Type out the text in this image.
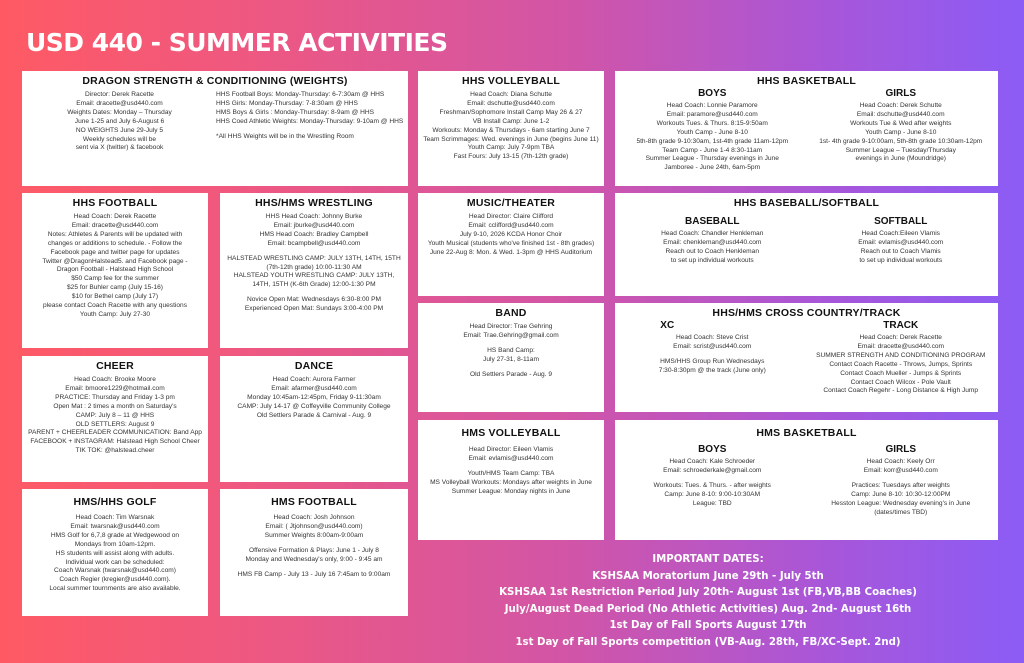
USD 440 - SUMMER ACTIVITIES
DRAGON STRENGTH & CONDITIONING (WEIGHTS)
Director: Derek Racette
Email: dracette@usd440.com
Weights Dates: Monday – Thursday
June 1-25 and July 6-August 6
NO WEIGHTS June 29-July 5
Weekly schedules will be
sent via X (twitter) & facebook
HHS Football Boys: Monday-Thursday: 6-7:30am @ HHS
HHS Girls: Monday-Thursday: 7-8:30am @ HHS
HMS Boys & Girls : Monday-Thursday: 8-9am @ HHS
HHS Coed Athletic Weights: Monday-Thursday: 9-10am @ HHS
*All HHS Weights will be in the Wrestling Room
HHS VOLLEYBALL
Head Coach: Diana Schutte
Email: dschutte@usd440.com
Freshman/Sophomore Install Camp May 26 & 27
VB Install Camp: June 1-2
Workouts: Monday & Thursdays - 6am starting June 7
Team Scrimmages: Wed. evenings in June (begins June 11)
Youth Camp: July 7-9pm TBA
Fast Fours: July 13-15 (7th-12th grade)
HHS BASKETBALL
BOYS
Head Coach: Lonnie Paramore
Email: paramore@usd440.com
Workouts Tues. & Thurs. 8:15-9:50am
Youth Camp - June 8-10
5th-8th grade 9-10:30am, 1st-4th grade 11am-12pm
Team Camp - June 1-4 8:30-11am
Summer League - Thursday evenings in June
Jamboree - June 24th, 6am-5pm
GIRLS
Head Coach: Derek Schutte
Email: dschutte@usd440.com
Workouts Tue & Wed after weights
Youth Camp - June 8-10
1st- 4th grade 9-10:00am, 5th-8th grade 10:30am-12pm
Summer League – Tuesday/Thursday
evenings in June (Moundridge)
HHS FOOTBALL
Head Coach: Derek Racette
Email: dracette@usd440.com
Notes: Athletes & Parents will be updated with
changes or additions to schedule. - Follow the
Facebook page and twitter page for updates
Twitter @DragonHalstead5. and Facebook page -
Dragon Football - Halstead High School
$50 Camp fee for the summer
$25 for Buhler camp (July 15-16)
$10 for Bethel camp (July 17)
please contact Coach Racette with any questions
Youth Camp: July 27-30
HHS/HMS WRESTLING
HHS Head Coach: Johnny Burke
Email: jburke@usd440.com
HMS Head Coach: Bradley Campbell
Email: bcampbell@usd440.com
HALSTEAD WRESTLING CAMP: JULY 13TH, 14TH, 15TH
(7th-12th grade) 10:00-11:30 AM
HALSTEAD YOUTH WRESTLING CAMP: JULY 13TH,
14TH, 15TH (K-6th Grade) 12:00-1:30 PM
Novice Open Mat: Wednesdays 6:30-8:00 PM
Experienced Open Mat: Sundays 3:00-4:00 PM
MUSIC/THEATER
Head Director: Claire Clifford
Email: cclifford@usd440.com
July 9-10, 2026 KCDA Honor Choir
Youth Musical (students who've finished 1st - 8th grades)
June 22-Aug 8: Mon. & Wed. 1-3pm @ HHS Auditorium
HHS BASEBALL/SOFTBALL
BASEBALL
Head Coach: Chandler Henkleman
Email: chenkleman@usd440.com
Reach out to Coach Henkleman
to set up individual workouts
SOFTBALL
Head Coach:Eileen Vlamis
Email: evlamis@usd440.com
Reach out to Coach Vlamis
to set up individual workouts
BAND
Head Director: Trae Gehring
Email: Trae.Gehring@gmail.com
HS Band Camp:
July 27-31, 8-11am
Old Settlers Parade - Aug. 9
HHS/HMS CROSS COUNTRY/TRACK
XC
Head Coach: Steve Crist
Email: scrist@usd440.com
HMS/HHS Group Run Wednesdays
7:30-8:30pm @ the track (June only)
TRACK
Head Coach: Derek Racette
Email: dracette@usd440.com
SUMMER STRENGTH AND CONDITIONING PROGRAM
Contact Coach Racette - Throws, Jumps, Sprints
Contact Coach Mueller - Jumps & Sprints
Contact Coach Wilcox - Pole Vault
Contact Coach Regehr - Long Distance & High Jump
CHEER
Head Coach: Brooke Moore
Email: bmoore1229@hotmail.com
PRACTICE: Thursday and Friday 1-3 pm
Open Mat : 2 times a month on Saturday's
CAMP: July 8 – 11 @ HHS
OLD SETTLERS: August 9
PARENT + CHEERLEADER COMMUNICATION: Band App
FACEBOOK + INSTAGRAM: Halstead High School Cheer
TIK TOK: @halstead.cheer
DANCE
Head Coach: Aurora Farmer
Email: afarmer@usd440.com
Monday 10:45am-12:45pm, Friday 9-11:30am
CAMP: July 14-17 @ Coffeyville Community College
Old Settlers Parade & Carnival - Aug. 9
HMS VOLLEYBALL
Head Director: Eileen Vlamis
Email: evlamis@usd440.com
Youth/HMS Team Camp: TBA
MS Volleyball Workouts: Mondays after weights in June
Summer League: Monday nights in June
HMS BASKETBALL
BOYS
Head Coach: Kale Schroeder
Email: schroederkale@gmail.com
Workouts: Tues. & Thurs. - after weights
Camp: June 8-10: 9:00-10:30AM
League: TBD
GIRLS
Head Coach: Keely Orr
Email: korr@usd440.com
Practices: Tuesdays after weights
Camp: June 8-10: 10:30-12:00PM
Hesston League: Wednesday evening's in June
(dates/times TBD)
HMS/HHS GOLF
Head Coach: Tim Warsnak
Email: twarsnak@usd440.com
HMS Golf for 6,7,8 grade at Wedgewood on
Mondays from 10am-12pm.
HS students will assist along with adults.
Individual work can be scheduled:
Coach Warsnak (twarsnak@usd440.com)
Coach Regier (kregier@usd440.com).
Local summer tournments are also available.
HMS FOOTBALL
Head Coach: Josh Johnson
Email: ( Jtjohnson@usd440.com)
Summer Weights 8:00am-9:00am
Offensive Formation & Plays: June 1 - July 8
Monday and Wednesday's only, 9:00 - 9:45 am
HMS FB Camp - July 13 - July 16 7:45am to 9:00am
IMPORTANT DATES:
KSHSAA Moratorium June 29th - July 5th
KSHSAA 1st Restriction Period July 20th- August 1st (FB,VB,BB Coaches)
July/August Dead Period (No Athletic Activities) Aug. 2nd- August 16th
1st Day of Fall Sports August 17th
1st Day of Fall Sports competition (VB-Aug. 28th, FB/XC-Sept. 2nd)
